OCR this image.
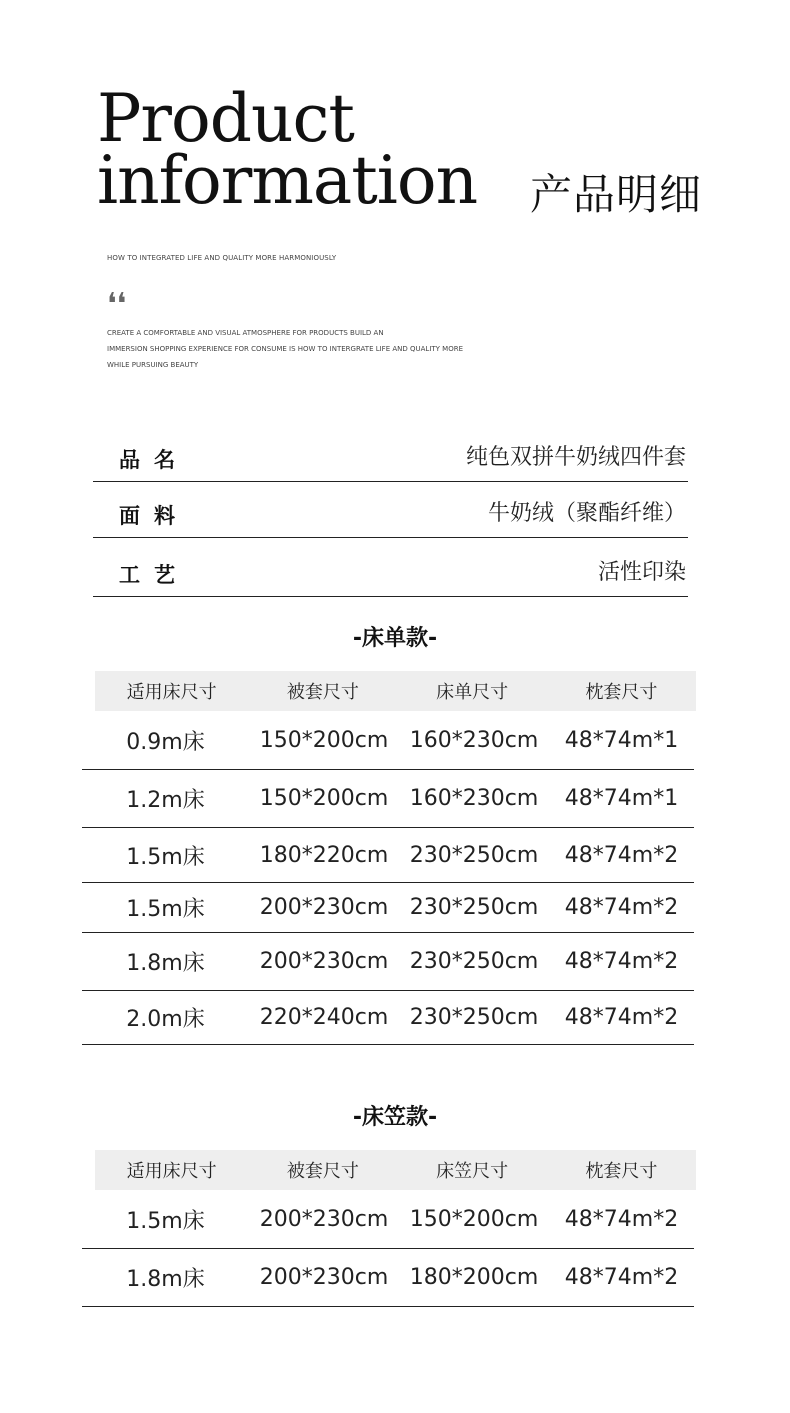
Product
information 产品明细
HOW TO INTEGRATED LIFE AND QUALITY MORE HARMONIOUSLY
❛❛
CREATE A COMFORTABLE AND VISUAL ATMOSPHERE FOR PRODUCTS BUILD AN
IMMERSION SHOPPING EXPERIENCE FOR CONSUME IS HOW TO INTERGRATE LIFE AND QUALITY MORE
WHILE PURSUING BEAUTY
品名	纯色双拼牛奶绒四件套
面料	牛奶绒（聚酯纤维）
工艺	活性印染
-床单款-
适用床尺寸	被套尺寸	床单尺寸	枕套尺寸
0.9m床	150*200cm 160*230cm	48*74m*1
1.2m床	150*200cm 160*230cm	48*74m*1
1.5m床	180*220cm 230*250cm	48*74m*2
1.5m床	200*230cm 230*250cm	48*74m*2
1.8m床	200*230cm 230*250cm	48*74m*2
2.0m床	220*240cm 230*250cm	48*74m*2
-床笠款-
适用床尺寸	被套尺寸	床笠尺寸	枕套尺寸
1.5m床	200*230cm 150*200cm	48*74m*2
1.8m床	200*230cm 180*200cm	48*74m*2
